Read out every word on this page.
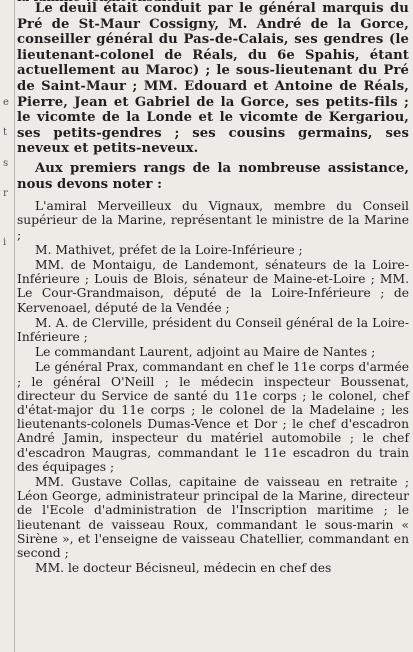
e
t
s
r
i

Le deuil était conduit par le général marquis du Pré de St-Maur Cossigny, M. André de la Gorce, conseiller général du Pas-de-Calais, ses gendres (le lieutenant-colonel de Réals, du 6e Spahis, étant actuellement au Maroc) ; le sous-lieutenant du Pré de Saint-Maur ; MM. Edouard et Antoine de Réals, Pierre, Jean et Gabriel de la Gorce, ses petits-fils ; le vicomte de la Londe et le vicomte de Kergariou, ses petits-gendres ; ses cousins germains, ses neveux et petits-neveux.

Aux premiers rangs de la nombreuse assistance, nous devons noter :

L'amiral Merveilleux du Vignaux, membre du Conseil supérieur de la Marine, représentant le ministre de la Marine ;

M. Mathivet, préfet de la Loire-Inférieure ;

MM. de Montaigu, de Landemont, sénateurs de la Loire-Inférieure ; Louis de Blois, sénateur de Maine-et-Loire ; MM. Le Cour-Grandmaison, député de la Loire-Inférieure ; de Kervenoael, député de la Vendée ;

M. A. de Clerville, président du Conseil général de la Loire-Inférieure ;

Le commandant Laurent, adjoint au Maire de Nantes ;

Le général Prax, commandant en chef le 11e corps d'armée ; le général O'Neill ; le médecin inspecteur Boussenat, directeur du Service de santé du 11e corps ; le colonel, chef d'état-major du 11e corps ; le colonel de la Madelaine ; les lieutenants-colonels Dumas-Vence et Dor ; le chef d'escadron André Jamin, inspecteur du matériel automobile ; le chef d'escadron Maugras, commandant le 11e escadron du train des équipages ;

MM. Gustave Collas, capitaine de vaisseau en retraite ; Léon George, administrateur principal de la Marine, directeur de l'Ecole d'administration de l'Inscription maritime ; le lieutenant de vaisseau Roux, commandant le sous-marin « Sirène », et l'enseigne de vaisseau Chatellier, commandant en second ;

MM. le docteur Bécisneul, médecin en chef des
